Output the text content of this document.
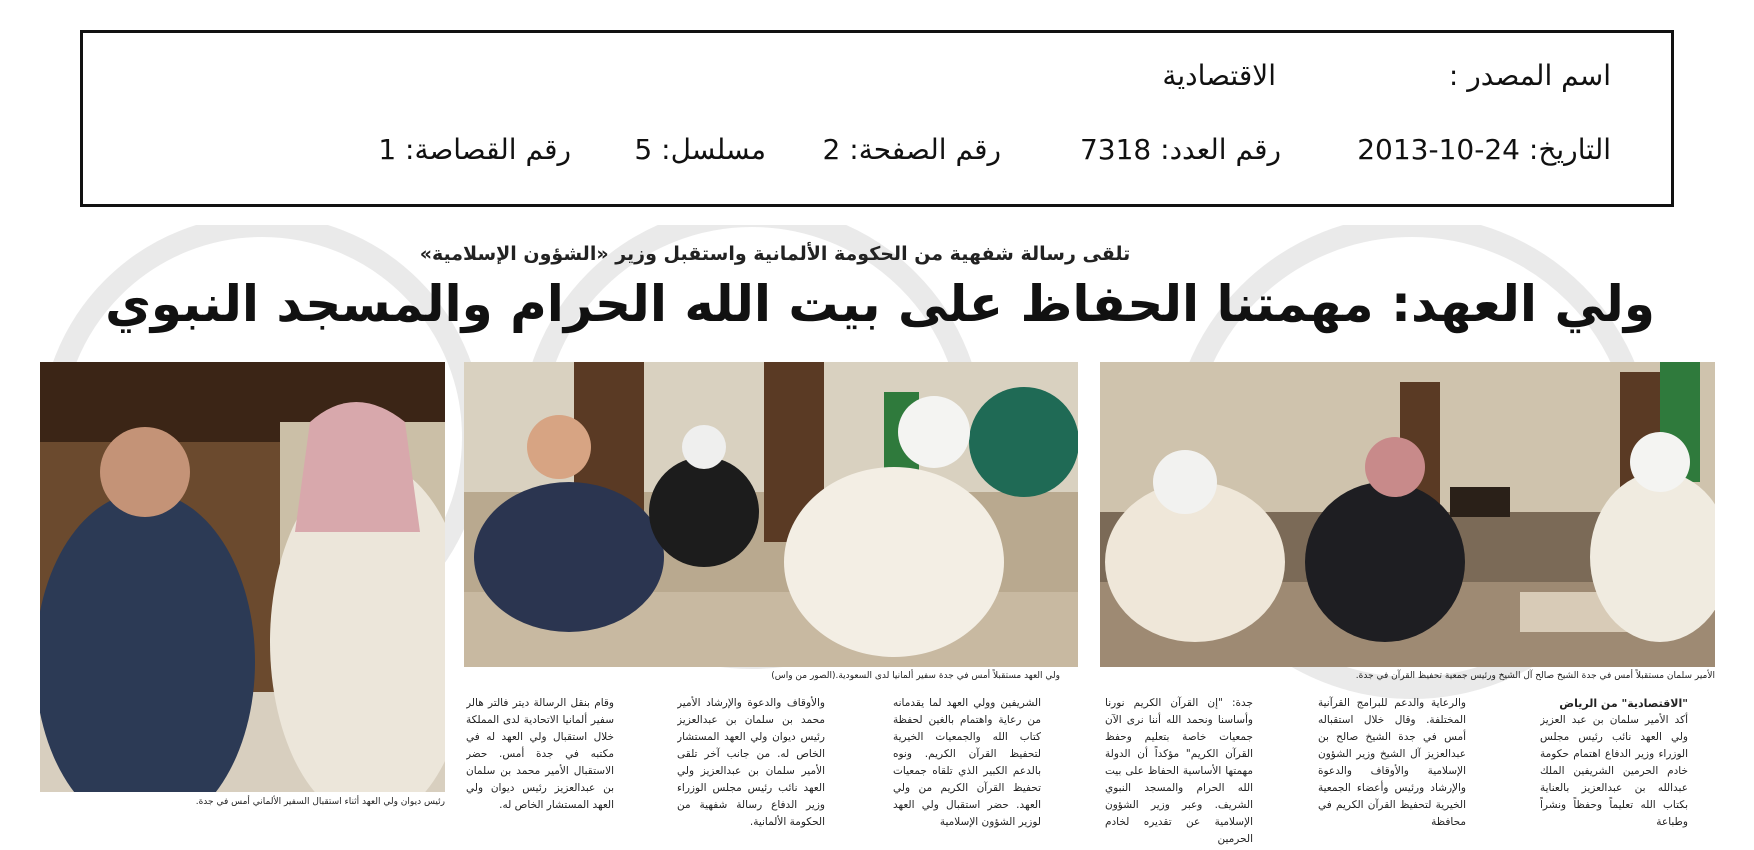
اسم المصدر :
الاقتصادية
التاريخ: 24-10-2013
رقم العدد: 7318
رقم الصفحة: 2
مسلسل: 5
رقم القصاصة: 1
تلقى رسالة شفهية من الحكومة الألمانية واستقبل وزير «الشؤون الإسلامية»
ولي العهد: مهمتنا الحفاظ على بيت الله الحرام والمسجد النبوي
الأمير سلمان مستقبلاً أمس في جدة الشيخ صالح آل الشيخ ورئيس جمعية تحفيظ القرآن في جدة.
ولي العهد مستقبلاً أمس في جدة سفير ألمانيا لدى السعودية.(الصور من واس)
رئيس ديوان ولي العهد أثناء استقبال السفير الألماني أمس في جدة.
"الاقتصادية" من الرياض
أكد الأمير سلمان بن عبد العزيز ولي العهد نائب رئيس مجلس الوزراء وزير الدفاع اهتمام حكومة خادم الحرمين الشريفين الملك عبدالله بن عبدالعزيز بالعناية بكتاب الله تعليماً وحفظاً ونشراً وطباعة
والرعاية والدعم للبرامج القرآنية المختلفة. وقال خلال استقباله أمس في جدة الشيخ صالح بن عبدالعزيز آل الشيخ وزير الشؤون الإسلامية والأوقاف والدعوة والإرشاد ورئيس وأعضاء الجمعية الخيرية لتحفيظ القرآن الكريم في محافظة
جدة: "إن القرآن الكريم نورنا وأساسنا ونحمد الله أننا نرى الآن جمعيات خاصة بتعليم وحفظ القرآن الكريم" مؤكداً أن الدولة مهمتها الأساسية الحفاظ على بيت الله الحرام والمسجد النبوي الشريف. وعبر وزير الشؤون الإسلامية عن تقديره لخادم الحرمين
الشريفين وولي العهد لما يقدمانه من رعاية واهتمام بالغين لحفظة كتاب الله والجمعيات الخيرية لتحفيظ القرآن الكريم. ونوه بالدعم الكبير الذي تلقاه جمعيات تحفيظ القرآن الكريم من ولي العهد. حضر استقبال ولي العهد لوزير الشؤون الإسلامية
والأوقاف والدعوة والإرشاد الأمير محمد بن سلمان بن عبدالعزيز رئيس ديوان ولي العهد المستشار الخاص له. من جانب آخر تلقى الأمير سلمان بن عبدالعزيز ولي العهد نائب رئيس مجلس الوزراء وزير الدفاع رسالة شفهية من الحكومة الألمانية.
وقام بنقل الرسالة ديتر فالتر هالر سفير ألمانيا الاتحادية لدى المملكة خلال استقبال ولي العهد له في مكتبه في جدة أمس. حضر الاستقبال الأمير محمد بن سلمان بن عبدالعزيز رئيس ديوان ولي العهد المستشار الخاص له.
